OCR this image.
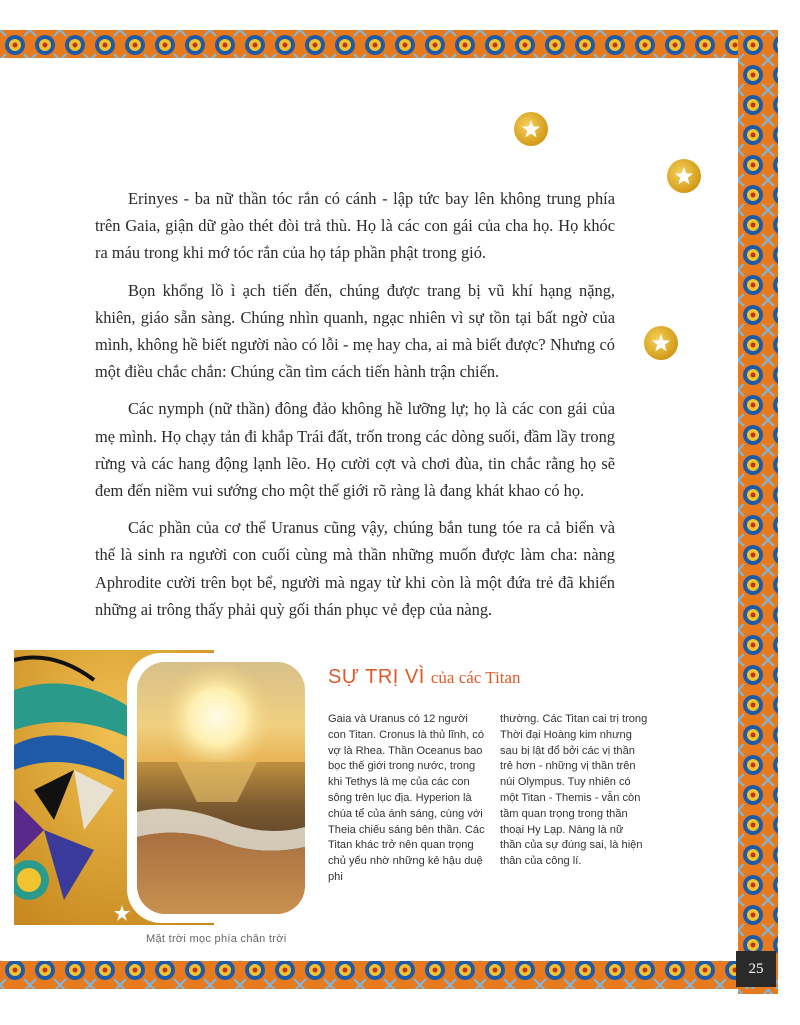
Erinyes - ba nữ thần tóc rắn có cánh - lập tức bay lên không trung phía trên Gaia, giận dữ gào thét đòi trả thù. Họ là các con gái của cha họ. Họ khóc ra máu trong khi mớ tóc rắn của họ táp phần phật trong gió.

Bọn khổng lồ ì ạch tiến đến, chúng được trang bị vũ khí hạng nặng, khiên, giáo sẵn sàng. Chúng nhìn quanh, ngạc nhiên vì sự tồn tại bất ngờ của mình, không hề biết người nào có lỗi - mẹ hay cha, ai mà biết được? Nhưng có một điều chắc chắn: Chúng cần tìm cách tiến hành trận chiến.

Các nymph (nữ thần) đông đảo không hề lưỡng lự; họ là các con gái của mẹ mình. Họ chạy tản đi khắp Trái đất, trốn trong các dòng suối, đầm lầy trong rừng và các hang động lạnh lẽo. Họ cười cợt và chơi đùa, tin chắc rằng họ sẽ đem đến niềm vui sướng cho một thế giới rõ ràng là đang khát khao có họ.

Các phần của cơ thể Uranus cũng vậy, chúng bắn tung tóe ra cả biển và thế là sinh ra người con cuối cùng mà thần những muốn được làm cha: nàng Aphrodite cười trên bọt bể, người mà ngay từ khi còn là một đứa trẻ đã khiến những ai trông thấy phải quỳ gối thán phục vẻ đẹp của nàng.

SỰ TRỊ VÌ của các Titan
Gaia và Uranus có 12 người con Titan. Cronus là thủ lĩnh, có vợ là Rhea. Thần Oceanus bao bọc thế giới trong nước, trong khi Tethys là mẹ của các con sông trên lục địa. Hyperion là chúa tể của ánh sáng, cùng với Theia chiếu sáng bên thần. Các Titan khác trở nên quan trọng chủ yếu nhờ những kẻ hậu duệ phi
thường. Các Titan cai trị trong Thời đại Hoàng kim nhưng sau bị lật đổ bởi các vị thần trẻ hơn - những vị thần trên núi Olympus. Tuy nhiên có một Titan - Themis - vẫn còn tầm quan trọng trong thần thoại Hy Lạp. Nàng là nữ thần của sự đúng sai, là hiện thân của công lí.
Mặt trời mọc phía chân trời
25
